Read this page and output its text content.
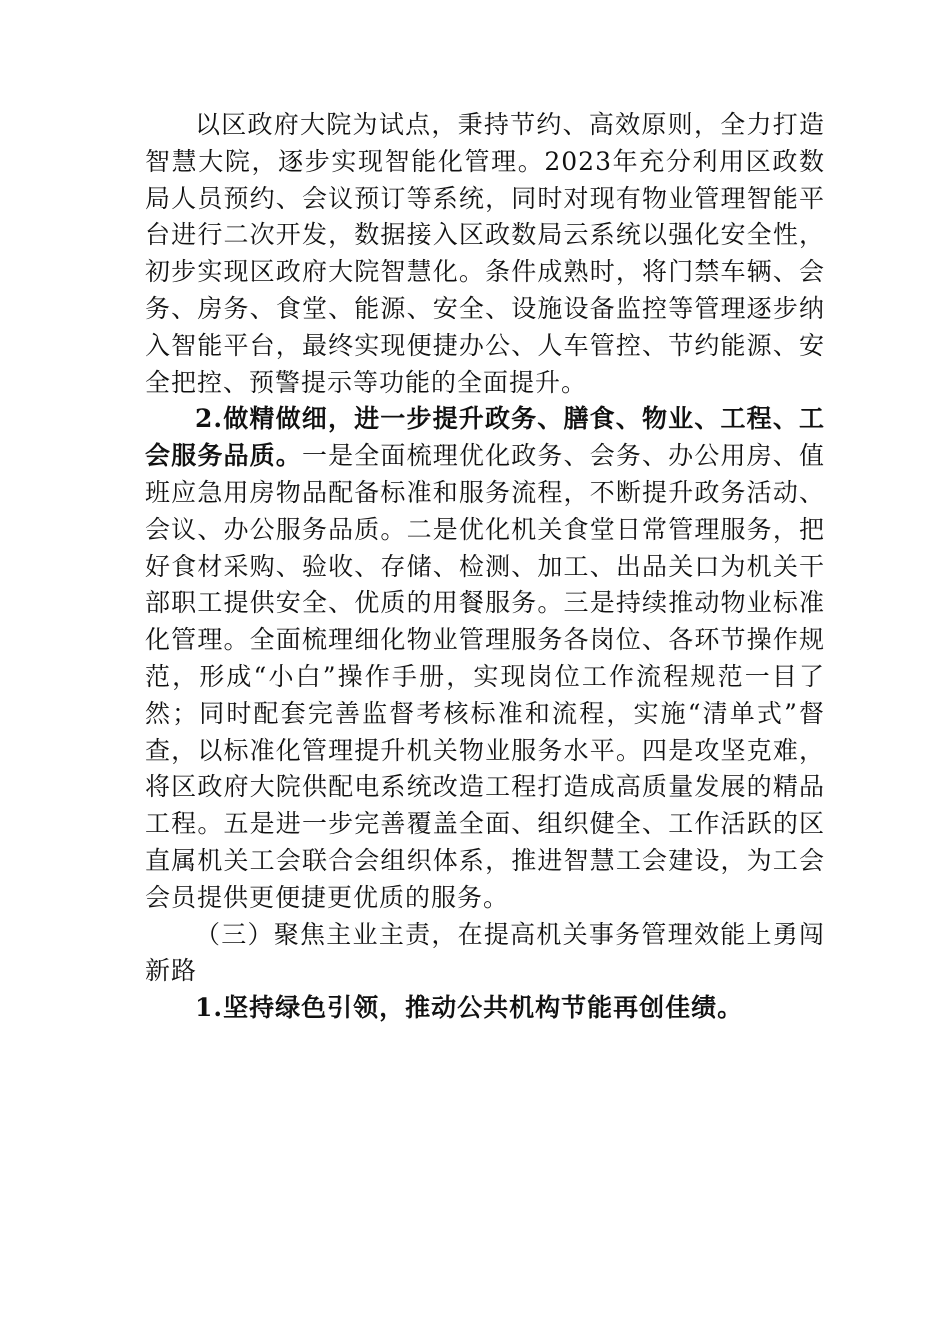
以区政府大院为试点，秉持节约、高效原则，全力打造智慧大院，逐步实现智能化管理。2023年充分利用区政数局人员预约、会议预订等系统，同时对现有物业管理智能平台进行二次开发，数据接入区政数局云系统以强化安全性，初步实现区政府大院智慧化。条件成熟时，将门禁车辆、会务、房务、食堂、能源、安全、设施设备监控等管理逐步纳入智能平台，最终实现便捷办公、人车管控、节约能源、安全把控、预警提示等功能的全面提升。

2.做精做细，进一步提升政务、膳食、物业、工程、工会服务品质。一是全面梳理优化政务、会务、办公用房、值班应急用房物品配备标准和服务流程，不断提升政务活动、会议、办公服务品质。二是优化机关食堂日常管理服务，把好食材采购、验收、存储、检测、加工、出品关口为机关干部职工提供安全、优质的用餐服务。三是持续推动物业标准化管理。全面梳理细化物业管理服务各岗位、各环节操作规范，形成“小白”操作手册，实现岗位工作流程规范一目了然；同时配套完善监督考核标准和流程，实施“清单式”督查，以标准化管理提升机关物业服务水平。四是攻坚克难，将区政府大院供配电系统改造工程打造成高质量发展的精品工程。五是进一步完善覆盖全面、组织健全、工作活跃的区直属机关工会联合会组织体系，推进智慧工会建设，为工会会员提供更便捷更优质的服务。

（三）聚焦主业主责，在提高机关事务管理效能上勇闯新路

1.坚持绿色引领，推动公共机构节能再创佳绩。
